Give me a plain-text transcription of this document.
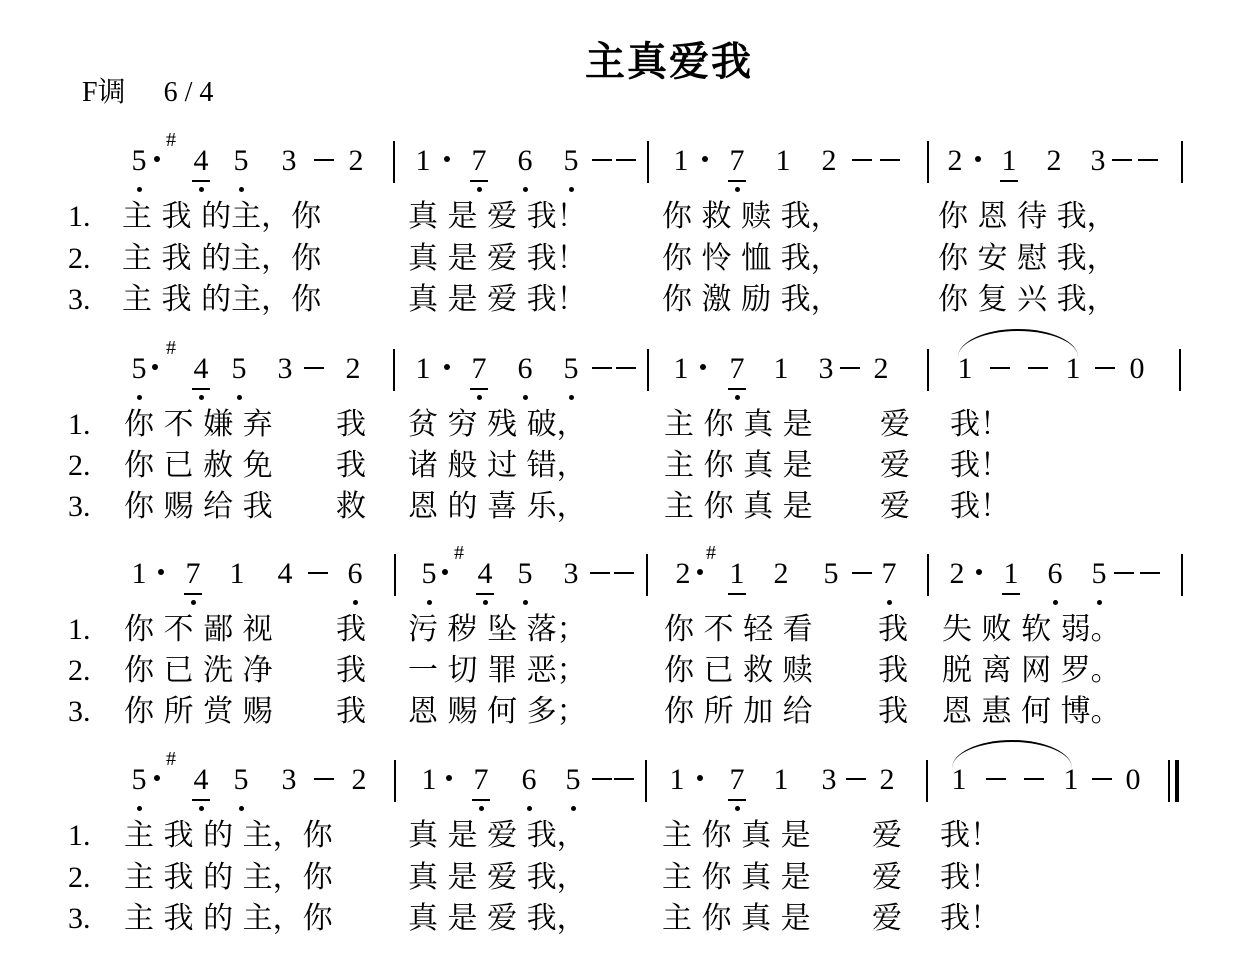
主真爱我
F调 6 / 4
5
#
4 5 3 2 1 7 6 5	1 7 1 2	2 1 2 3
1. 主 我 的主，你	真 是 爱 我！	你 救 赎 我，	你 恩 待 我，
2. 主 我 的主，你	真 是 爱 我！	你 怜 恤 我，	你 安 慰 我，
3. 主 我 的主，你	真 是 爱 我！	你 激 励 我，	你 复 兴 我，
5
#
4 5 3 2 1 7 6 5	1 7 1 3 2 1	1 0
1. 你 不 嫌 弃 我 贫 穷 残 破，	主 你 真 是 爱 我！
2. 你 已 赦 免 我 诸 般 过 错，	主 你 真 是 爱 我！
3. 你 赐 给 我 救 恩 的 喜 乐，	主 你 真 是 爱 我！
1 7 1 4 6 5
#
4 5 3	2
#
1 2 5 7 2 1 6 5
1. 你 不 鄙 视 我 污 秽 坠 落；	你 不 轻 看 我 失 败 软 弱。
2. 你 已 洗 净 我 一 切 罪 恶；	你 已 救 赎 我 脱 离 网 罗。
3. 你 所 赏 赐 我 恩 赐 何 多；	你 所 加 给 我 恩 惠 何 博。
5
#
4 5 3 2 1 7 6 5	1 7 1 3 2 1	1 0
1. 主 我 的 主，你	真 是 爱 我，	主 你 真 是 爱 我！
2. 主 我 的 主，你	真 是 爱 我，	主 你 真 是 爱 我！
3. 主 我 的 主，你	真 是 爱 我，	主 你 真 是 爱 我！
